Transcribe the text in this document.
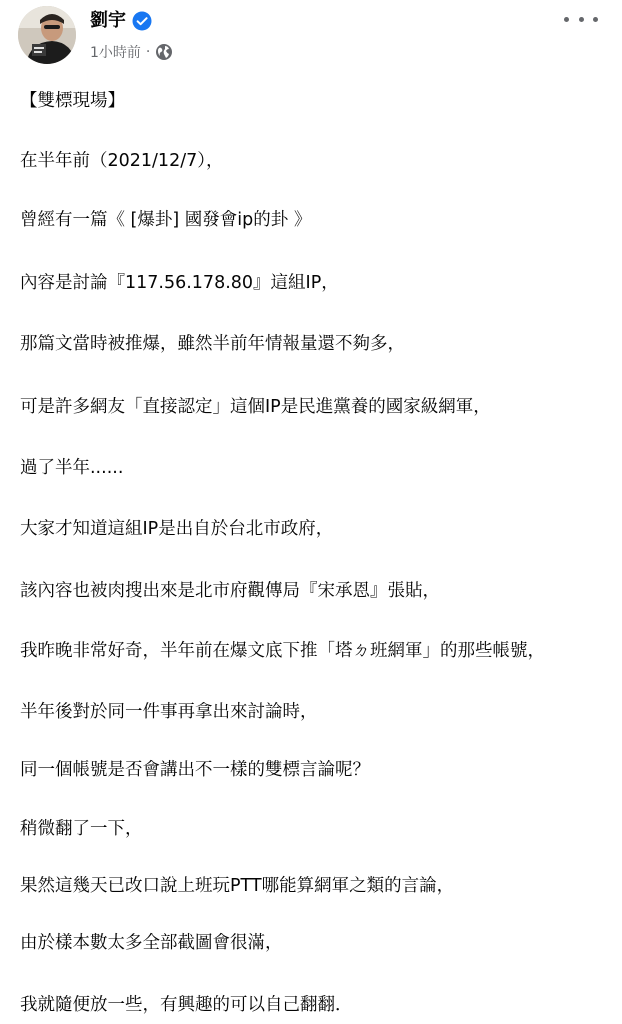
劉宇
1小時前 ·
【雙標現場】
在半年前（2021/12/7），
曾經有一篇《 [爆卦] 國發會ip的卦 》
內容是討論『117.56.178.80』這組IP，
那篇文當時被推爆，雖然半前年情報量還不夠多，
可是許多網友「直接認定」這個IP是民進黨養的國家級網軍，
過了半年......
大家才知道這組IP是出自於台北市政府，
該內容也被肉搜出來是北市府觀傳局『宋承恩』張貼，
我昨晚非常好奇，半年前在爆文底下推「塔ㄉ班網軍」的那些帳號，
半年後對於同一件事再拿出來討論時，
同一個帳號是否會講出不一樣的雙標言論呢？
稍微翻了一下，
果然這幾天已改口說上班玩PTT哪能算網軍之類的言論，
由於樣本數太多全部截圖會很滿，
我就隨便放一些，有興趣的可以自己翻翻．
